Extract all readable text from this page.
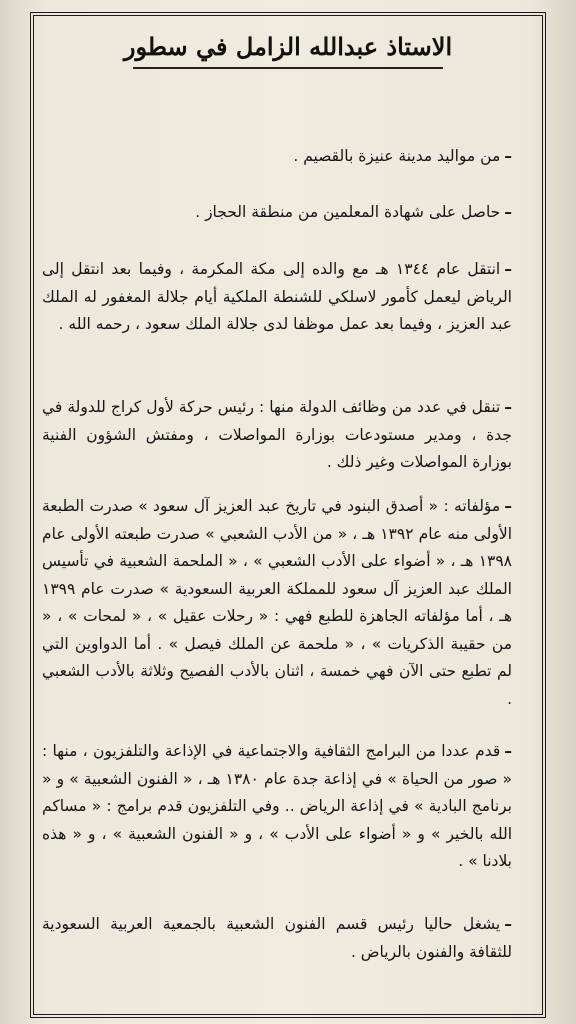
الاستاذ عبدالله الزامل في سطور
–من مواليد مدينة عنيزة بالقصيم .
–حاصل على شهادة المعلمين من منطقة الحجاز .
–انتقل عام ١٣٤٤ هـ مع والده إلى مكة المكرمة ، وفيما بعد انتقل إلى الرياض ليعمل كأمور لاسلكي للشنطة الملكية أيام جلالة المغفور له الملك عبد العزيز ، وفيما بعد عمل موظفا لدى جلالة الملك سعود ، رحمه الله .
–تنقل في عدد من وظائف الدولة منها : رئيس حركة لأول كراج للدولة في جدة ، ومدير مستودعات بوزارة المواصلات ، ومفتش الشؤون الفنية بوزارة المواصلات وغير ذلك .
–مؤلفاته : « أصدق البنود في تاريخ عبد العزيز آل سعود » صدرت الطبعة الأولى منه عام ١٣٩٢ هـ ، « من الأدب الشعبي » صدرت طبعته الأولى عام ١٣٩٨ هـ ، « أضواء على الأدب الشعبي » ، « الملحمة الشعبية في تأسيس الملك عبد العزيز آل سعود للمملكة العربية السعودية » صدرت عام ١٣٩٩ هـ ، أما مؤلفاته الجاهزة للطبع فهي : « رحلات عقيل » ، « لمحات » ، « من حقيبة الذكريات » ، « ملحمة عن الملك فيصل » . أما الدواوين التي لم تطبع حتى الآن فهي خمسة ، اثنان بالأدب الفصيح وثلاثة بالأدب الشعبي .
–قدم عددا من البرامج الثقافية والاجتماعية في الإذاعة والتلفزيون ، منها : « صور من الحياة » في إذاعة جدة عام ١٣٨٠ هـ ، « الفنون الشعبية » و « برنامج البادية » في إذاعة الرياض .. وفي التلفزيون قدم برامج : « مساكم الله بالخير » و « أضواء على الأدب » ، و « الفنون الشعبية » ، و « هذه بلادنا » .
–يشغل حاليا رئيس قسم الفنون الشعبية بالجمعية العربية السعودية للثقافة والفنون بالرياض .
